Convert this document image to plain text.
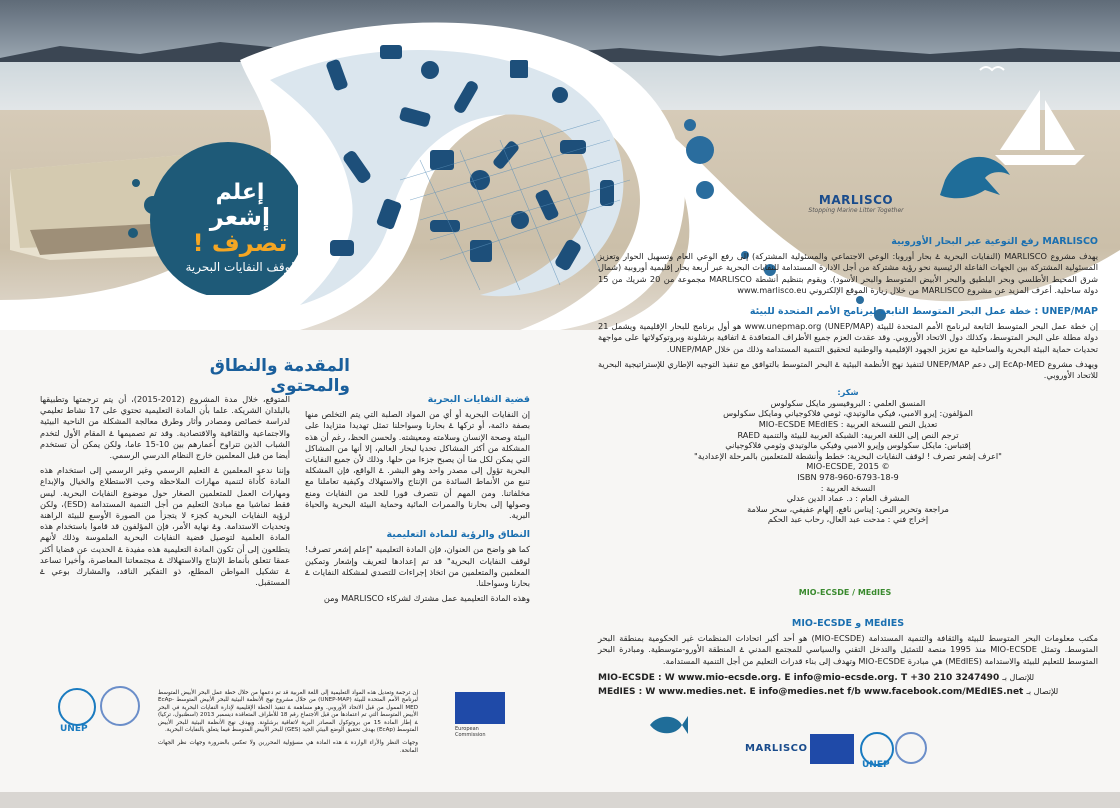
إعلم
إشعر
تصرف !
لوقف النفايات البحرية
MARLISCO
Stopping Marine Litter Together
MARLISCO رفع التوعية عبر البحار الأوروبية
يهدف مشروع MARLISCO (النفايات البحرية ۓ بحار أوروبا: الوعي الاجتماعي والمسئولية المشتركة) إلى رفع الوعي العام وتسهيل الحوار وتعزيز المسئولية المشتركة بين الجهات الفاعلة الرئيسية نحو رؤية مشتركة من أجل الادارة المستدامة للنفايات البحرية عبر أربعة بحار إقليمية أوروبية (شمال شرق المحيط الأطلسي وبحر البلطيق والبحر الأبيض المتوسط والبحر الأسود). ويقوم بتنظيم أنشطة MARLISCO مجموعة من 20 شريك من 15 دولة ساحلية. أعرف المزيد عن مشروع MARLISCO من خلال زيارة الموقع الإلكتروني www.marlisco.eu
UNEP/MAP : خطة عمل البحر المتوسط التابعة لبرنامج الأمم المتحدة للبيئة
إن خطة عمل البحر المتوسط التابعة لبرنامج الأمم المتحدة للبيئة (UNEP/MAP) www.unepmap.org هو أول برنامج للبحار الإقليمية ويشمل 21 دولة مطلة على البحر المتوسط، وكذلك دول الاتحاد الأوروبي. وقد عقدت العزم جميع الأطراف المتعاقدة ۓ اتفاقية برشلونة وبروتوكولاتها على مواجهة تحديات حماية البيئة البحرية والساحلية مع تعزيز الجهود الإقليمية والوطنية لتحقيق التنمية المستدامة وذلك من خلال UNEP/MAP.
ويهدف مشروع EcAp-MED إلى دعم UNEP/MAP لتنفيذ نهج الأنظمة البيئية ۓ البحر المتوسط بالتوافق مع تنفيذ التوجيه الإطاري للإستراتيجية البحرية للاتحاد الأوروبي.
شكر:
المنسق العلمي : البروفيسور مايكل سكولوس
المؤلفون: إيرو الامبي، فيكي مالوتيدي، ثومي فلاكوجياني ومايكل سكولوس
تعديل النص للنسخة العربية : MIO-ECSDE MEdIES
ترجم النص إلى اللغة العربية: الشبكة العربية للبيئة والتنمية RAED
إقتباس: مايكل سكولوس وإيرو الامبي وفيكي مالوتيدي وثومي فلاكوجياني
"اعرف إشعر تصرف ! لوقف النفايات البحرية: خطط وأنشطة للمتعلمين بالمرحلة الإعدادية"
© MIO-ECSDE, 2015
ISBN 978-960-6793-18-9
النسخة العربية :
المشرف العام : د. عماد الدين عدلي
مراجعة وتحرير النص: إيناس نافع، إلهام عفيفي، سحر سلامة
إخراج فني : مدحت عبد العال، رحاب عبد الحكم
MIO-ECSDE / MEdIES
MEdIES و MIO-ECSDE
مكتب معلومات البحر المتوسط للبيئة والثقافة والتنمية المستدامة (MIO-ECSDE) هو أحد أكبر اتحادات المنظمات غير الحكومية بمنطقة البحر المتوسط. وتمثل MIO-ECSDE منذ 1995 منصة للتمثيل والتدخل التقني والسياسي للمجتمع المدني ۓ المنطقة الأورو-متوسطية. ومبادرة البحر المتوسط للتعليم للبيئة والاستدامة (MEdIES) هي مبادرة MIO-ECSDE وتهدف إلى بناء قدرات التعليم من أجل التنمية المستدامة.
MIO-ECSDE : W www.mio-ecsde.org. E info@mio-ecsde.org. T +30 210 3247490 للإتصال بـ
MEdIES : W www.medies.net. E info@medies.net f/b www.facebook.com/MEdIES.net للإتصال بـ
MARLISCO
UNEP
المقدمة والنطاق والمحتوى
قضية النفايات البحرية
إن النفايات البحرية أو أي من المواد الصلبة التي يتم التخلص منها بصفة دائمة، أو تركها ۓ بحارنا وسواحلنا تمثل تهديدا متزايدا على البيئة وصحة الإنسان وسلامته ومعيشته. ولحسن الحظ، رغم أن هذه المشكلة من أكثر المشاكل تحديا لبحار العالم، إلا أنها من المشاكل التي يمكن لكل منا أن يصبح جزءا من حلها. وذلك لأن جميع النفايات البحرية تؤول إلى مصدر واحد وهو البشر. ۓ الواقع، فإن المشكلة تنبع من الأنماط السائدة من الإنتاج والاستهلاك وكيفية تعاملنا مع مخلفاتنا. ومن المهم أن نتصرف فورا للحد من النفايات ومنع وصولها إلى بحارنا والممرات المائية وحماية البيئة البحرية والحياة البرية.
النطاق والرؤية للمادة التعليمية
كما هو واضح من العنوان، فإن المادة التعليمية "إعلم إشعر تصرف! لوقف النفايات البحرية" قد تم إعدادها لتعريف وإشعار وتمكين المعلمين والمتعلمين من اتخاذ إجراءات للتصدي لمشكلة النفايات ۓ بحارنا وسواحلنا.
وهذه المادة التعليمية عمل مشترك لشركاء MARLISCO ومن
المتوقع، خلال مدة المشروع (2012-2015)، أن يتم ترجمتها وتطبيقها بالبلدان الشريكة. علما بأن المادة التعليمية تحتوي على 17 نشاط تعليمي لدراسة خصائص ومصادر وأثار وطرق معالجة المشكلة من الناحية البيئية والاجتماعية والثقافية والاقتصادية. وقد تم تصميمها ۓ المقام الأول لتخدم الشباب الذين تتراوح أعمارهم بين 10-15 عاما، ولكن يمكن أن تستخدم أيضا من قبل المعلمين خارج النظام الدرسي الرسمي.
وإننا ندعو المعلمين ۓ التعليم الرسمي وغير الرسمي إلى استخدام هذه المادة كأداة لتنمية مهارات الملاحظة وحب الاستطلاع والخيال والإبداع ومهارات العمل للمتعلمين الصغار حول موضوع النفايات البحرية. ليس فقط تماشيا مع مبادئ التعليم من أجل التنمية المستدامة (ESD)، ولكن لرؤية النفايات البحرية كجزء لا يتجزأ من الصورة الأوسع للبيئة الراهنة وتحديات الاستدامة. وۓ نهاية الأمر، فإن المؤلفون قد قاموا باستخدام هذه المادة العلمية لتوصيل قضية النفايات البحرية الملموسة وذلك لأنهم يتطلعون إلى أن تكون المادة التعليمية هذه مفيدة ۓ الحديث عن قضايا أكثر عمقا تتعلق بأنماط الإنتاج والاستهلاك ۓ مجتمعاتنا المعاصرة، وأخيرا تساعد ۓ تشكيل المواطن المطلع، ذو التفكير الناقد، والمشارك بوعي ۓ المستقبل.
UNEP
إن ترجمة وتعديل هذه المواد التعليمية إلى اللغة العربية قد تم دعمها من خلال خطة عمل البحر الأبيض المتوسط لبرنامج الأمم المتحدة للبيئة (UNEP-MAP) من خلال مشروع نهج الأنظمة البيئية للبحر الأبيض المتوسط EcAp-MED الممول من قبل الاتحاد الأوروبي. وهو مساهمة ۓ تنفيذ الخطة الإقليمية لإدارة النفايات البحرية في البحر الأبيض المتوسط التي تم اعتمادها من قبل الاجتماع رقم 18 للأطراف المتعاقدة ديسمبر 2013 (اسطنبول، تركيا) ۓ إطار المادة 15 من بروتوكول المصادر البرية لاتفاقية برشلونة. ويهدف نهج الأنظمة البيئية للبحر الأبيض المتوسط (EcAp) بهدف تحقيق الوضع البيئي الجيد (GES) للبحر الأبيض المتوسط فيما يتعلق بالنفايات البحرية.
وجهات النظر والأراء الواردة ۓ هذه المادة هي مسؤولية المحررين ولا تعكس بالضرورة وجهات نظر الجهات المانحة.
European Commission
